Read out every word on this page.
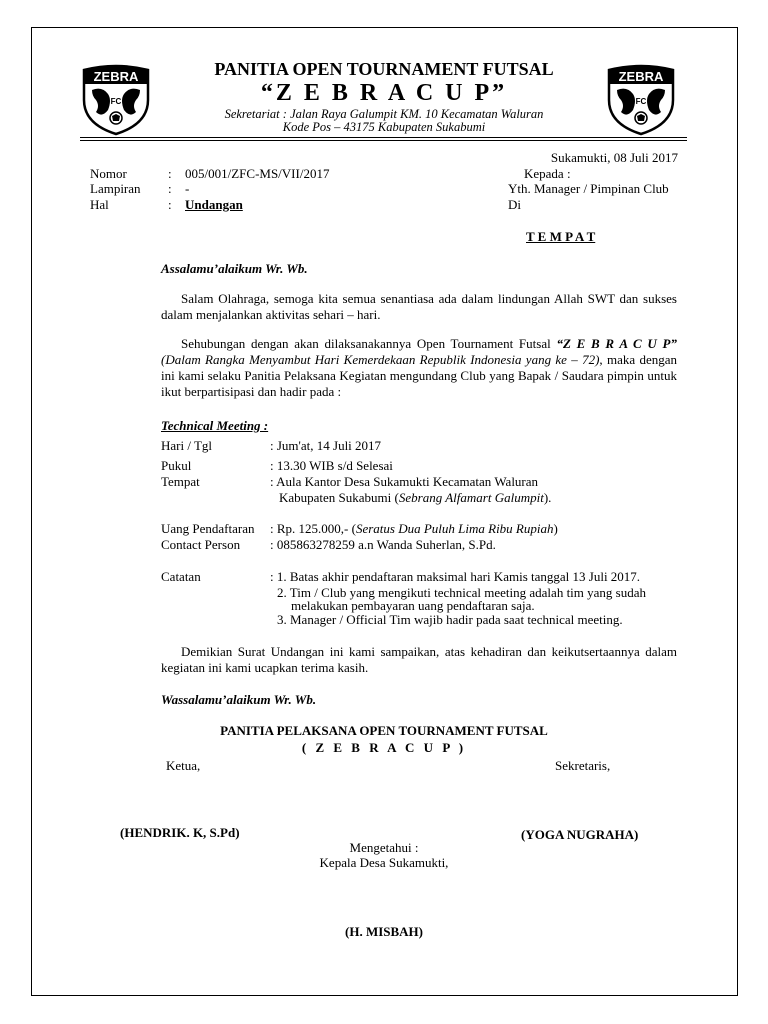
ZEBRA
FC
ZEBRA
FC
PANITIA OPEN TOURNAMENT FUTSAL
“Z E B R A C U P”
Sekretariat : Jalan Raya Galumpit KM. 10 Kecamatan Waluran
Kode Pos – 43175 Kabupaten Sukabumi
Sukamukti, 08 Juli 2017
Nomor	: 005/001/ZFC-MS/VII/2017
Lampiran : -
Hal	: Undangan
Kepada :
Yth. Manager / Pimpinan Club
Di
T E M P A T
Assalamu’alaikum Wr. Wb.
Salam Olahraga, semoga kita semua senantiasa ada dalam lindungan Allah SWT dan sukses dalam menjalankan aktivitas sehari – hari.
Sehubungan dengan akan dilaksanakannya Open Tournament Futsal “Z E B R A C U P” (Dalam Rangka Menyambut Hari Kemerdekaan Republik Indonesia yang ke – 72), maka dengan ini kami selaku Panitia Pelaksana Kegiatan mengundang Club yang Bapak / Saudara pimpin untuk ikut berpartisipasi dan hadir pada :
Technical Meeting :
Hari / Tgl	: Jum'at, 14 Juli 2017
Pukul	: 13.30 WIB s/d Selesai
Tempat	: Aula Kantor Desa Sukamukti Kecamatan Waluran
Kabupaten Sukabumi (Sebrang Alfamart Galumpit).
Uang Pendaftaran : Rp. 125.000,- (Seratus Dua Puluh Lima Ribu Rupiah)
Contact Person : 085863278259 a.n Wanda Suherlan, S.Pd.
Catatan	: 1. Batas akhir pendaftaran maksimal hari Kamis tanggal 13 Juli 2017.
2. Tim / Club yang mengikuti technical meeting adalah tim yang sudah
melakukan pembayaran uang pendaftaran saja.
3. Manager / Official Tim wajib hadir pada saat technical meeting.
Demikian Surat Undangan ini kami sampaikan, atas kehadiran dan keikutsertaannya dalam kegiatan ini kami ucapkan terima kasih.
Wassalamu’alaikum Wr. Wb.
PANITIA PELAKSANA OPEN TOURNAMENT FUTSAL
( Z E B R A C U P )
Ketua,	Sekretaris,
(HENDRIK. K, S.Pd)	(YOGA NUGRAHA)
Mengetahui :
Kepala Desa Sukamukti,
(H. MISBAH)
